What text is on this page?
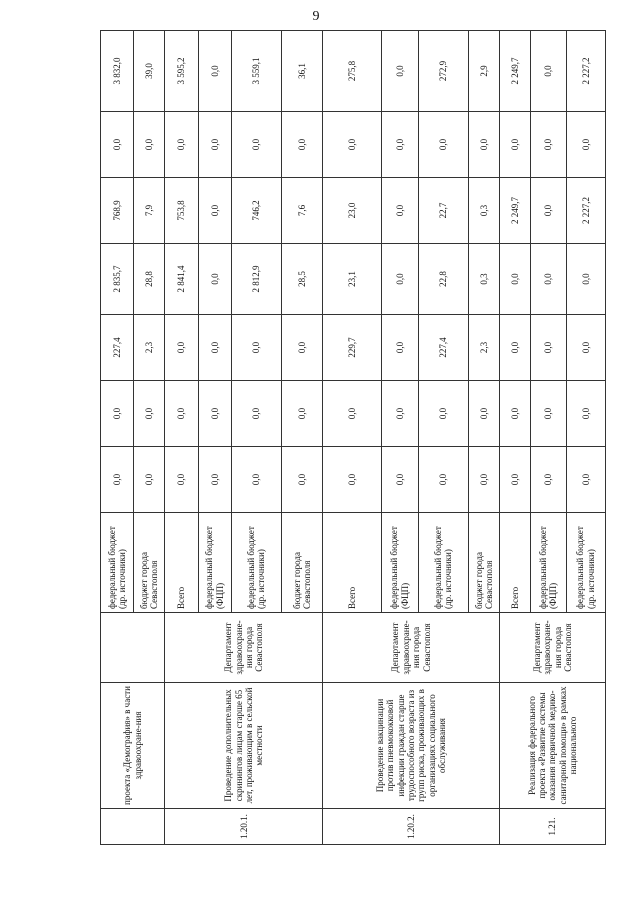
9
	проекта «Демография» в части здравоохране-ния		федеральный бюджет (др. источники)	0,0	0,0	227,4	2 835,7	768,9	0,0	3 832,0
			бюджет города Севастополя	0,0	0,0	2,3	28,8	7,9	0,0	39,0
1.20.1.	Проведение дополнительных скринингов лицам старше 65 лет, проживающим в сельской местности	Департамент здравоохране-ния города Севастополя	Всего	0,0	0,0	0,0	2 841,4	753,8	0,0	3 595,2
			федеральный бюджет (ФЦП)	0,0	0,0	0,0	0,0	0,0	0,0	0,0
			федеральный бюджет (др. источники)	0,0	0,0	0,0	2 812,9	746,2	0,0	3 559,1
			бюджет города Севастополя	0,0	0,0	0,0	28,5	7,6	0,0	36,1
1.20.2.	Проведение вакцинации против пневмококковой инфекции граждан старше трудоспособного возраста из групп риска, проживающих в организациях социального обслуживания	Департамент здравоохране-ния города Севастополя	Всего	0,0	0,0	229,7	23,1	23,0	0,0	275,8
			федеральный бюджет (ФЦП)	0,0	0,0	0,0	0,0	0,0	0,0	0,0
			федеральный бюджет (др. источники)	0,0	0,0	227,4	22,8	22,7	0,0	272,9
			бюджет города Севастополя	0,0	0,0	2,3	0,3	0,3	0,0	2,9
1.21.	Реализация федерального проекта «Развитие системы оказания первичной медико-санитарной помощи» в рамках национального	Департамент здравоохране-ния города Севастополя	Всего	0,0	0,0	0,0	0,0	2 249,7	0,0	2 249,7
			федеральный бюджет (ФЦП)	0,0	0,0	0,0	0,0	0,0	0,0	0,0
			федеральный бюджет (др. источники)	0,0	0,0	0,0	0,0	2 227,2	0,0	2 227,2
